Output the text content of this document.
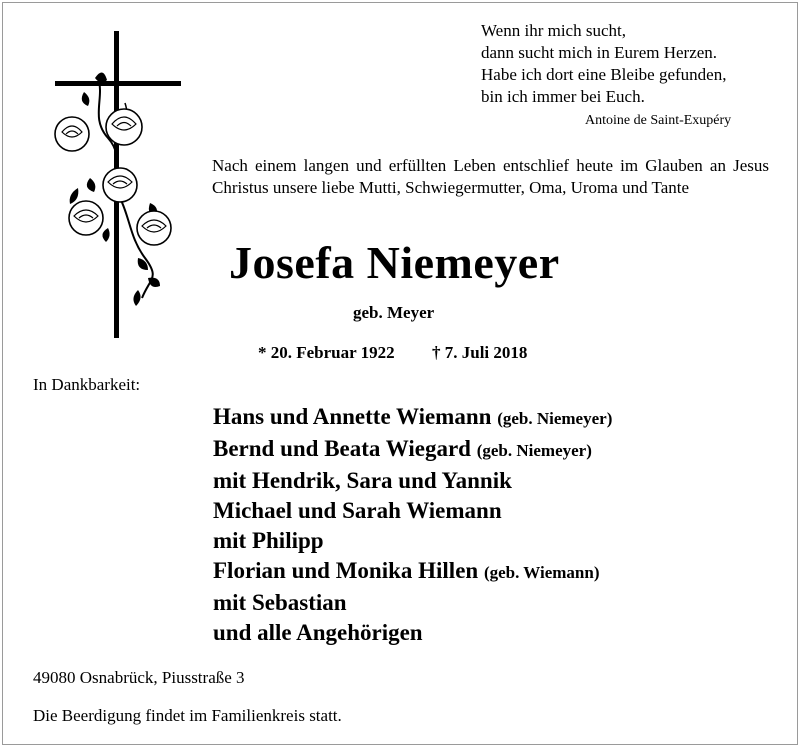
Wenn ihr mich sucht,
dann sucht mich in Eurem Herzen.
Habe ich dort eine Bleibe gefunden,
bin ich immer bei Euch.
Antoine de Saint-Exupéry

Nach einem langen und erfüllten Leben entschlief heute im Glauben an Jesus Christus unsere liebe Mutti, Schwiegermutter, Oma, Uroma und Tante

Josefa Niemeyer
geb. Meyer
* 20. Februar 1922 † 7. Juli 2018
In Dankbarkeit:
Hans und Annette Wiemann (geb. Niemeyer)
Bernd und Beata Wiegard (geb. Niemeyer)
mit Hendrik, Sara und Yannik
Michael und Sarah Wiemann
mit Philipp
Florian und Monika Hillen (geb. Wiemann)
mit Sebastian
und alle Angehörigen
49080 Osnabrück, Piusstraße 3
Die Beerdigung findet im Familienkreis statt.
